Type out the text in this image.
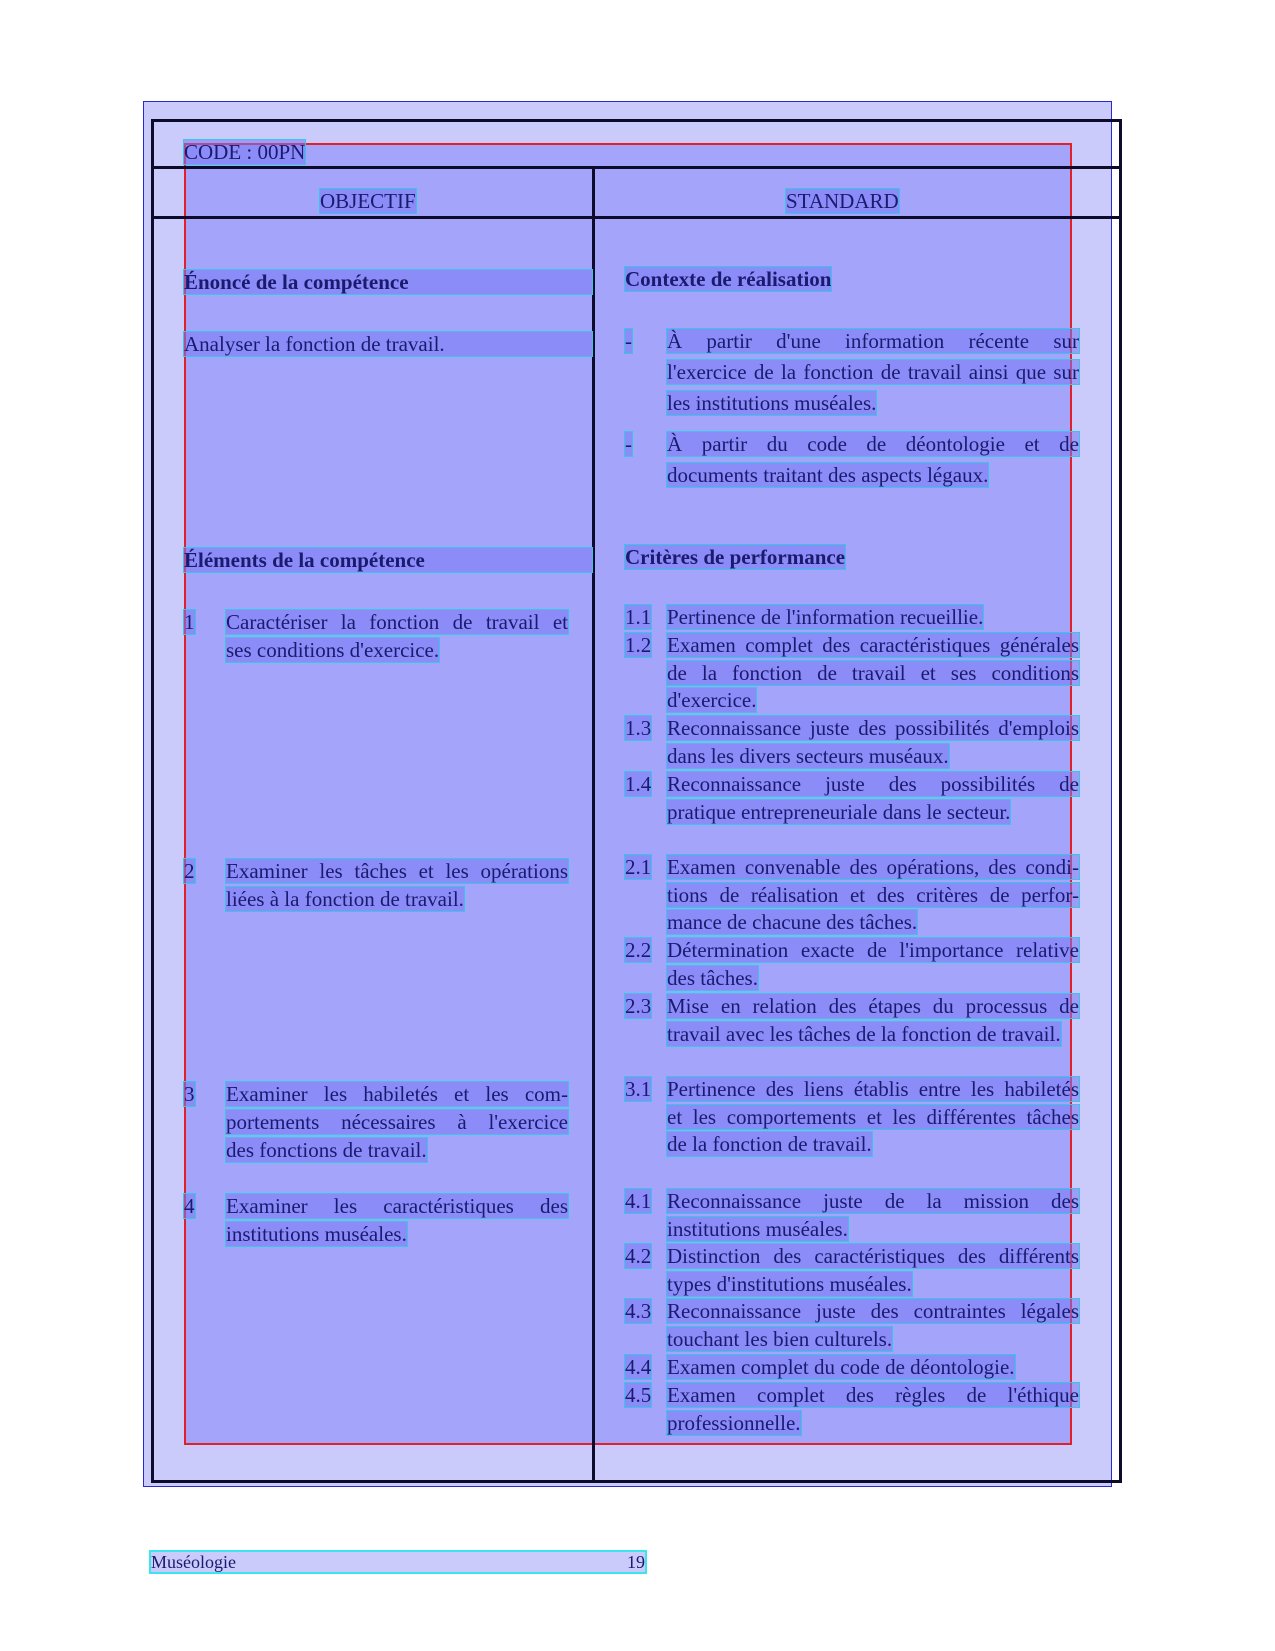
CODE : 00PN
OBJECTIF	STANDARD
Énoncé de la compétence
Analyser la fonction de travail.
Éléments de la compétence
1 Caractériser la fonction de travail et
ses conditions d'exercice.
2 Examiner les tâches et les opérations
liées à la fonction de travail.
3 Examiner les habiletés et les com-
portements nécessaires à l'exercice
des fonctions de travail.
4 Examiner les caractéristiques des
institutions muséales.
Contexte de réalisation
- À partir d'une information récente sur
l'exercice de la fonction de travail ainsi que sur
les institutions muséales.
- À partir du code de déontologie et de
documents traitant des aspects légaux.
Critères de performance
1.1 Pertinence de l'information recueillie.
1.2 Examen complet des caractéristiques générales
de la fonction de travail et ses conditions
d'exercice.
1.3 Reconnaissance juste des possibilités d'emplois
dans les divers secteurs muséaux.
1.4 Reconnaissance juste des possibilités de
pratique entrepreneuriale dans le secteur.
2.1 Examen convenable des opérations, des condi-
tions de réalisation et des critères de perfor-
mance de chacune des tâches.
2.2 Détermination exacte de l'importance relative
des tâches.
2.3 Mise en relation des étapes du processus de
travail avec les tâches de la fonction de travail.
3.1 Pertinence des liens établis entre les habiletés
et les comportements et les différentes tâches
de la fonction de travail.
4.1 Reconnaissance juste de la mission des
institutions muséales.
4.2 Distinction des caractéristiques des différents
types d'institutions muséales.
4.3 Reconnaissance juste des contraintes légales
touchant les bien culturels.
4.4 Examen complet du code de déontologie.
4.5 Examen complet des règles de l'éthique
professionnelle.
Muséologie	19
